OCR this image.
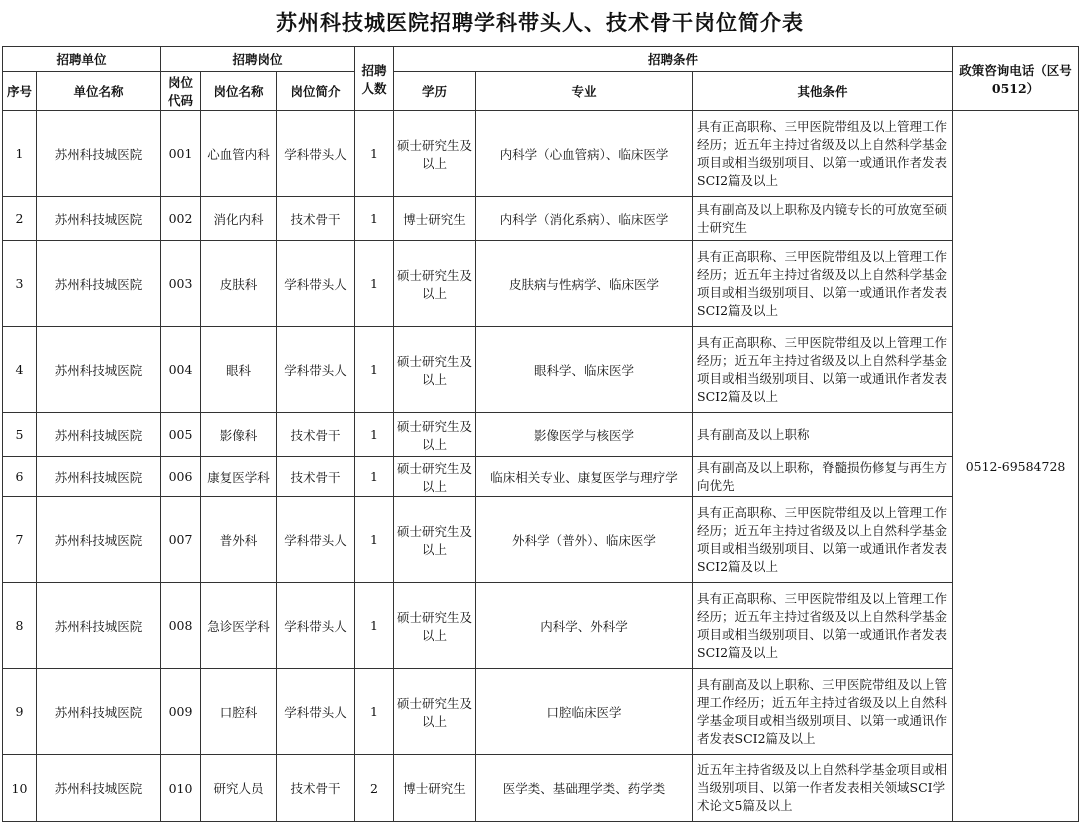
苏州科技城医院招聘学科带头人、技术骨干岗位简介表
招聘单位		招聘岗位			招聘人数	招聘条件			政策咨询电话（区号0512）
序号	单位名称	岗位代码	岗位名称	岗位简介		学历	专业	其他条件	
1	苏州科技城医院	001	心血管内科	学科带头人	1	硕士研究生及以上	内科学（心血管病）、临床医学	具有正高职称、三甲医院带组及以上管理工作经历；近五年主持过省级及以上自然科学基金项目或相当级别项目、以第一或通讯作者发表SCI2篇及以上	0512-69584728
2	苏州科技城医院	002	消化内科	技术骨干	1	博士研究生	内科学（消化系病）、临床医学	具有副高及以上职称及内镜专长的可放宽至硕士研究生	
3	苏州科技城医院	003	皮肤科	学科带头人	1	硕士研究生及以上	皮肤病与性病学、临床医学	具有正高职称、三甲医院带组及以上管理工作经历；近五年主持过省级及以上自然科学基金项目或相当级别项目、以第一或通讯作者发表SCI2篇及以上	
4	苏州科技城医院	004	眼科	学科带头人	1	硕士研究生及以上	眼科学、临床医学	具有正高职称、三甲医院带组及以上管理工作经历；近五年主持过省级及以上自然科学基金项目或相当级别项目、以第一或通讯作者发表SCI2篇及以上	
5	苏州科技城医院	005	影像科	技术骨干	1	硕士研究生及以上	影像医学与核医学	具有副高及以上职称	
6	苏州科技城医院	006	康复医学科	技术骨干	1	硕士研究生及以上	临床相关专业、康复医学与理疗学	具有副高及以上职称，脊髓损伤修复与再生方向优先	
7	苏州科技城医院	007	普外科	学科带头人	1	硕士研究生及以上	外科学（普外）、临床医学	具有正高职称、三甲医院带组及以上管理工作经历；近五年主持过省级及以上自然科学基金项目或相当级别项目、以第一或通讯作者发表SCI2篇及以上	
8	苏州科技城医院	008	急诊医学科	学科带头人	1	硕士研究生及以上	内科学、外科学	具有正高职称、三甲医院带组及以上管理工作经历；近五年主持过省级及以上自然科学基金项目或相当级别项目、以第一或通讯作者发表SCI2篇及以上	
9	苏州科技城医院	009	口腔科	学科带头人	1	硕士研究生及以上	口腔临床医学	具有副高及以上职称、三甲医院带组及以上管理工作经历；近五年主持过省级及以上自然科学基金项目或相当级别项目、以第一或通讯作者发表SCI2篇及以上	
10	苏州科技城医院	010	研究人员	技术骨干	2	博士研究生	医学类、基础理学类、药学类	近五年主持省级及以上自然科学基金项目或相当级别项目、以第一作者发表相关领域SCI学术论文5篇及以上	
